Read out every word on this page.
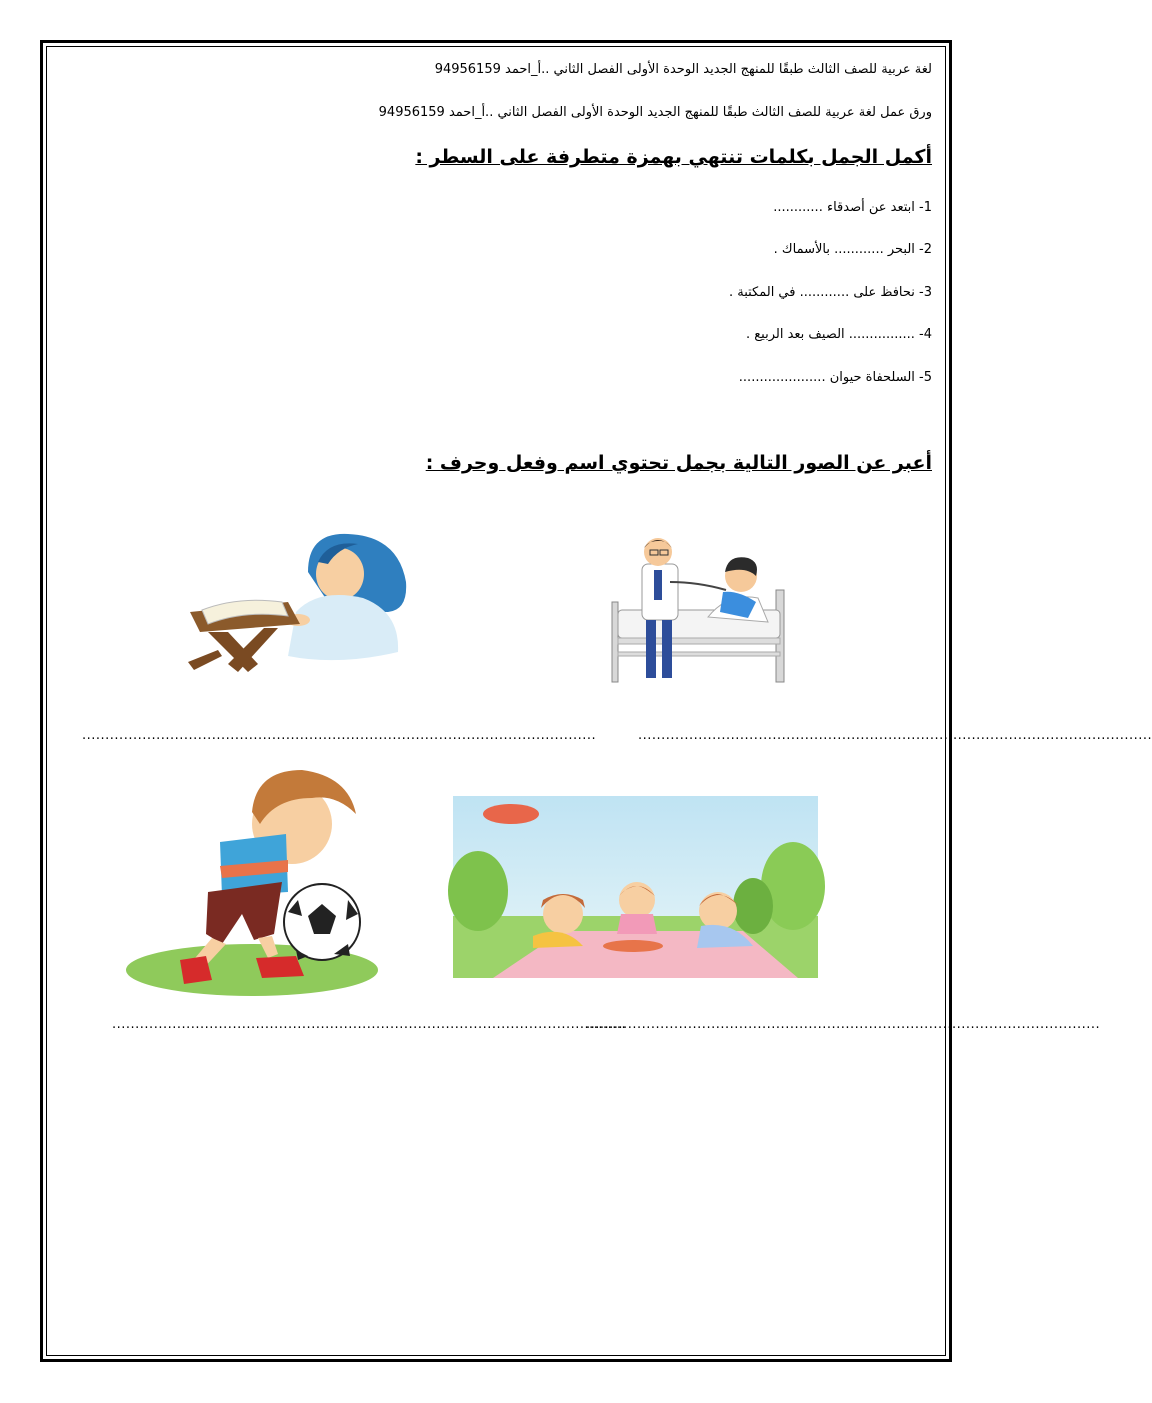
لغة عربية للصف الثالث طبقًا للمنهج الجديد الوحدة الأولى الفصل الثاني ..أ_احمد 94956159
ورق عمل لغة عربية للصف الثالث طبقًا للمنهج الجديد الوحدة الأولى الفصل الثاني ..أ_احمد 94956159
أكمل الجمل بكلمات تنتهي بهمزة متطرفة على السطر :
1- ابتعد عن أصدقاء ............
2- البحر ............ بالأسماك .
3- نحافظ على ............ في المكتبة .
4- ................ الصيف بعد الربيع .
5- السلحفاة حيوان .....................
أعبر عن الصور التالية بجمل تحتوي اسم وفعل وحرف :
...............................................................................................................
...............................................................................................................
...............................................................................................................
...............................................................................................................
